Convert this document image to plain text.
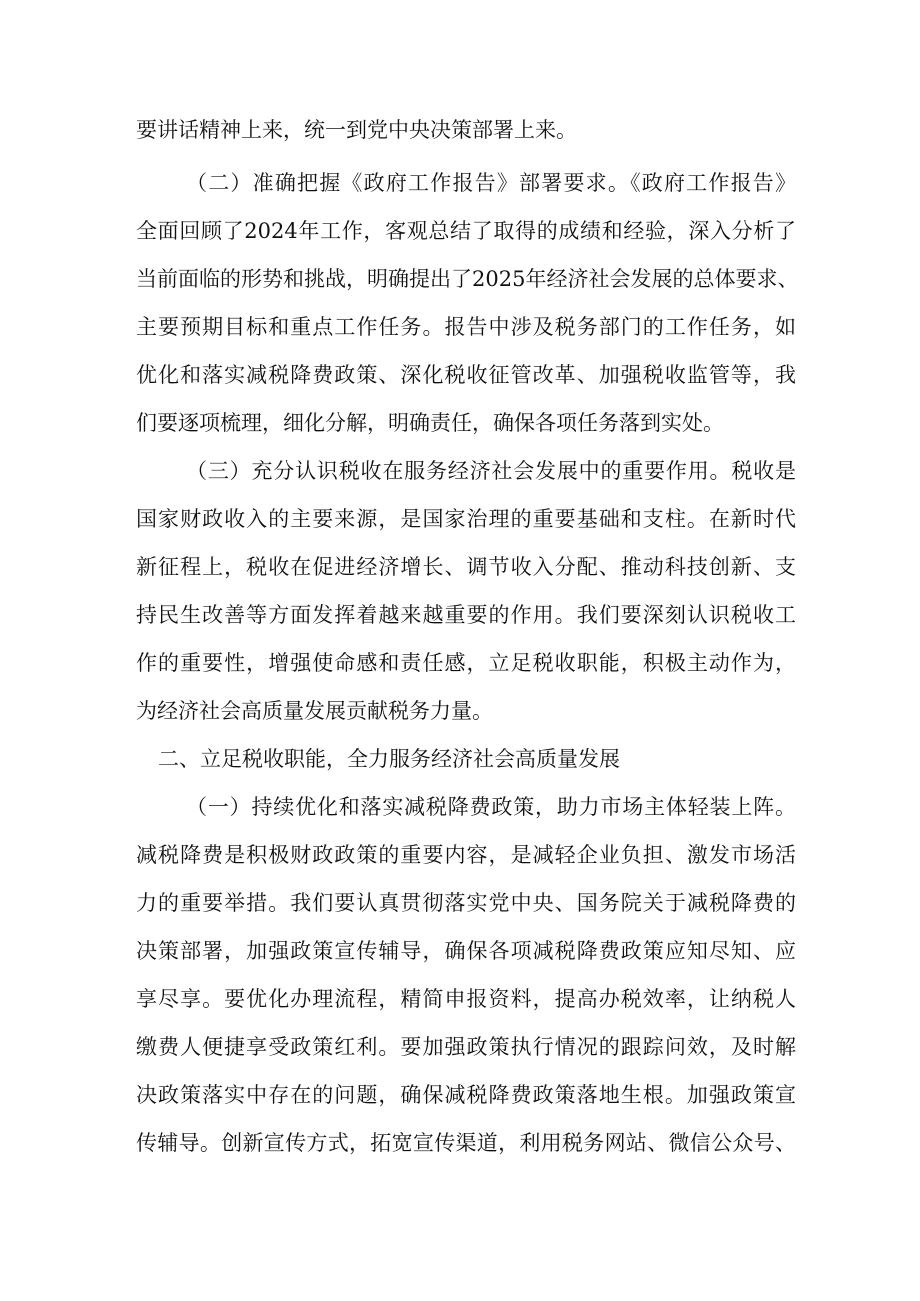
要讲话精神上来，统一到党中央决策部署上来。
（二）准确把握《政府工作报告》部署要求。《政府工作报告》
全面回顾了2024年工作，客观总结了取得的成绩和经验，深入分析了
当前面临的形势和挑战，明确提出了2025年经济社会发展的总体要求、
主要预期目标和重点工作任务。报告中涉及税务部门的工作任务，如
优化和落实减税降费政策、深化税收征管改革、加强税收监管等，我
们要逐项梳理，细化分解，明确责任，确保各项任务落到实处。
（三）充分认识税收在服务经济社会发展中的重要作用。税收是
国家财政收入的主要来源，是国家治理的重要基础和支柱。在新时代
新征程上，税收在促进经济增长、调节收入分配、推动科技创新、支
持民生改善等方面发挥着越来越重要的作用。我们要深刻认识税收工
作的重要性，增强使命感和责任感，立足税收职能，积极主动作为，
为经济社会高质量发展贡献税务力量。
二、立足税收职能，全力服务经济社会高质量发展
（一）持续优化和落实减税降费政策，助力市场主体轻装上阵。
减税降费是积极财政政策的重要内容，是减轻企业负担、激发市场活
力的重要举措。我们要认真贯彻落实党中央、国务院关于减税降费的
决策部署，加强政策宣传辅导，确保各项减税降费政策应知尽知、应
享尽享。要优化办理流程，精简申报资料，提高办税效率，让纳税人
缴费人便捷享受政策红利。要加强政策执行情况的跟踪问效，及时解
决政策落实中存在的问题，确保减税降费政策落地生根。加强政策宣
传辅导。创新宣传方式，拓宽宣传渠道，利用税务网站、微信公众号、
